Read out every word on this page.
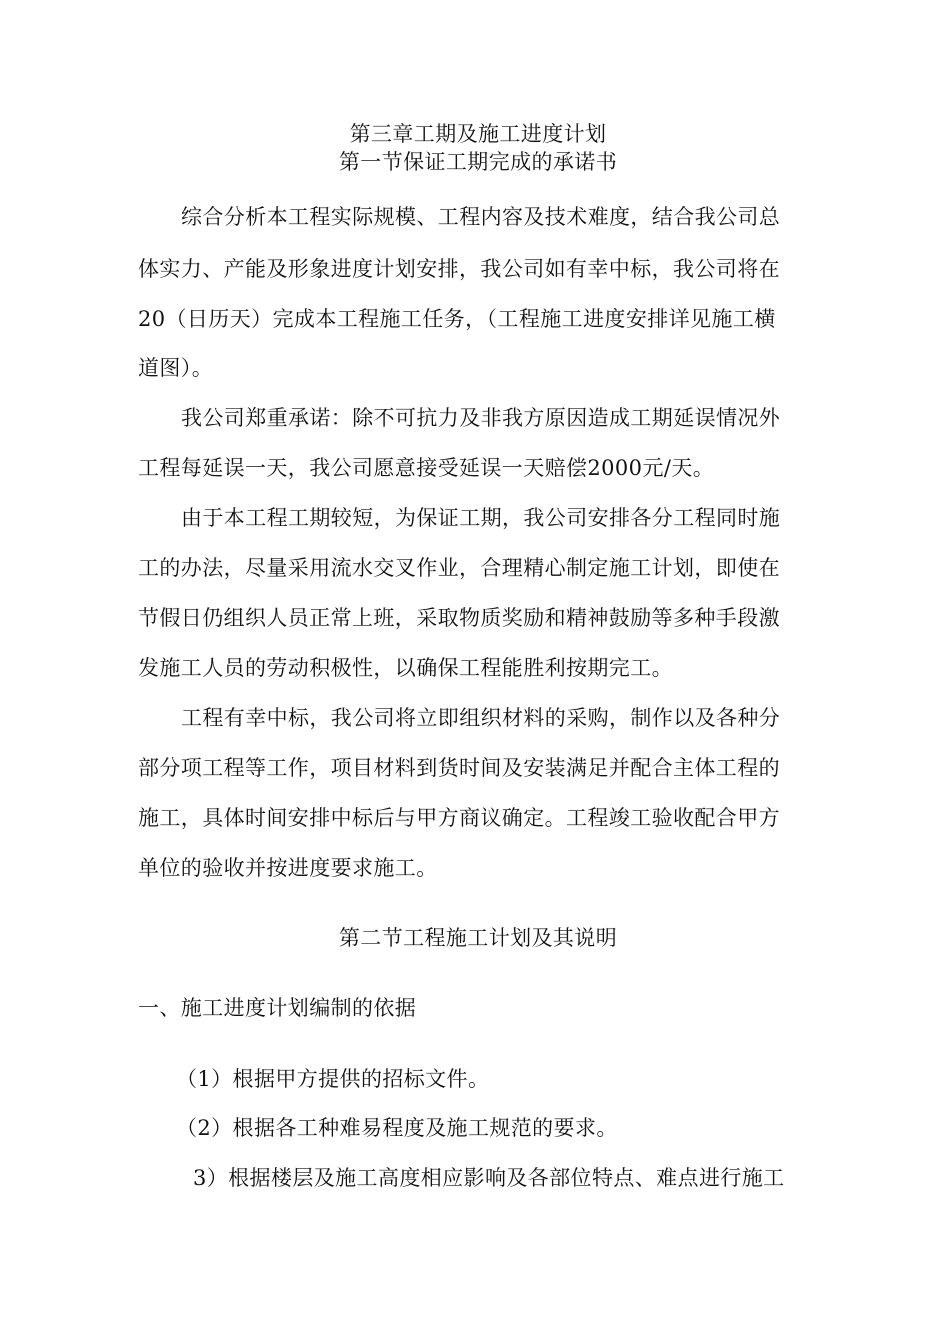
第三章工期及施工进度计划
第一节保证工期完成的承诺书
综合分析本工程实际规模、工程内容及技术难度，结合我公司总
体实力、产能及形象进度计划安排，我公司如有幸中标，我公司将在
20（日历天）完成本工程施工任务，（工程施工进度安排详见施工横
道图）。
我公司郑重承诺：除不可抗力及非我方原因造成工期延误情况外
工程每延误一天，我公司愿意接受延误一天赔偿2000元/天。
由于本工程工期较短，为保证工期，我公司安排各分工程同时施
工的办法，尽量采用流水交叉作业，合理精心制定施工计划，即使在
节假日仍组织人员正常上班，采取物质奖励和精神鼓励等多种手段激
发施工人员的劳动积极性，以确保工程能胜利按期完工。
工程有幸中标，我公司将立即组织材料的采购，制作以及各种分
部分项工程等工作，项目材料到货时间及安装满足并配合主体工程的
施工，具体时间安排中标后与甲方商议确定。工程竣工验收配合甲方
单位的验收并按进度要求施工。
第二节工程施工计划及其说明
一、施工进度计划编制的依据
（1）根据甲方提供的招标文件。
（2）根据各工种难易程度及施工规范的要求。
3）根据楼层及施工高度相应影响及各部位特点、难点进行施工
